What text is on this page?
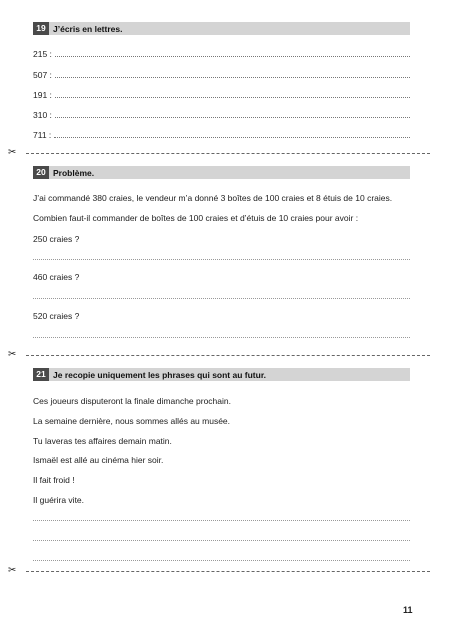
19 J’écris en lettres.
215 :
507 :
191 :
310 :
711 :
✂
20 Problème.
J’ai commandé 380 craies, le vendeur m’a donné 3 boîtes de 100 craies et 8 étuis de 10 craies.
Combien faut-il commander de boîtes de 100 craies et d’étuis de 10 craies pour avoir :
250 craies ?
460 craies ?
520 craies ?
✂
21 Je recopie uniquement les phrases qui sont au futur.
Ces joueurs disputeront la finale dimanche prochain.
La semaine dernière, nous sommes allés au musée.
Tu laveras tes affaires demain matin.
Ismaël est allé au cinéma hier soir.
Il fait froid !
Il guérira vite.
✂
11
